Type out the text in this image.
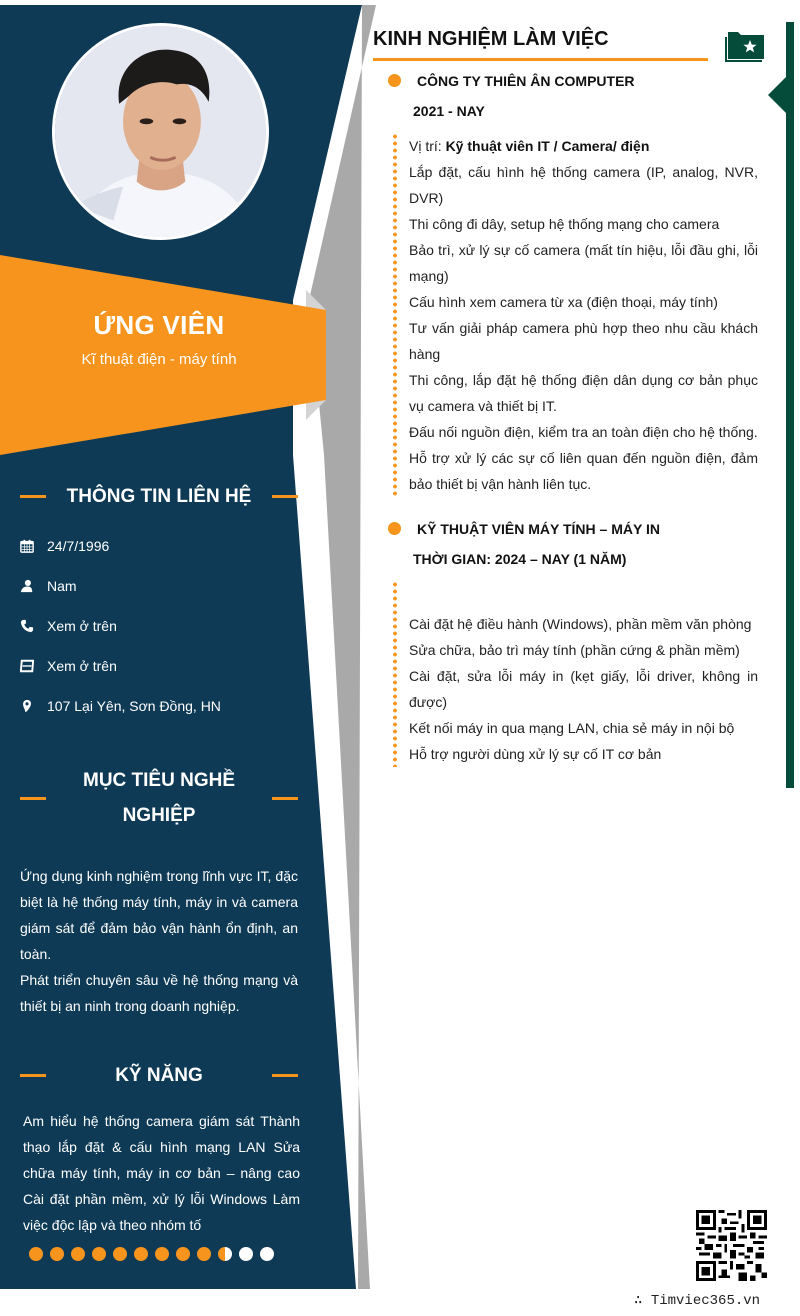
ỨNG VIÊN
Kĩ thuật điện - máy tính
THÔNG TIN LIÊN HỆ
24/7/1996
Nam
Xem ở trên
Xem ở trên
107 Lại Yên, Sơn Đồng, HN
MỤC TIÊU NGHỀ
NGHIỆP
Ứng dụng kinh nghiệm trong lĩnh vực IT, đặc biệt là hệ thống máy tính, máy in và camera giám sát để đảm bảo vận hành ổn định, an toàn.
Phát triển chuyên sâu về hệ thống mạng và thiết bị an ninh trong doanh nghiệp.
KỸ NĂNG
Am hiểu hệ thống camera giám sát Thành thạo lắp đặt & cấu hình mạng LAN Sửa chữa máy tính, máy in cơ bản – nâng cao Cài đặt phần mềm, xử lý lỗi Windows Làm việc độc lập và theo nhóm tố
KINH NGHIỆM LÀM VIỆC
CÔNG TY THIÊN ÂN COMPUTER
2021 - NAY
Vị trí: Kỹ thuật viên IT / Camera/ điện
Lắp đặt, cấu hình hệ thống camera (IP, analog, NVR, DVR)
Thi công đi dây, setup hệ thống mạng cho camera
Bảo trì, xử lý sự cố camera (mất tín hiệu, lỗi đầu ghi, lỗi mạng)
Cấu hình xem camera từ xa (điện thoại, máy tính)
Tư vấn giải pháp camera phù hợp theo nhu cầu khách hàng
Thi công, lắp đặt hệ thống điện dân dụng cơ bản phục vụ camera và thiết bị IT.
Đấu nối nguồn điện, kiểm tra an toàn điện cho hệ thống.
Hỗ trợ xử lý các sự cố liên quan đến nguồn điện, đảm bảo thiết bị vận hành liên tục.
KỸ THUẬT VIÊN MÁY TÍNH – MÁY IN
THỜI GIAN: 2024 – NAY (1 NĂM)
Cài đặt hệ điều hành (Windows), phần mềm văn phòng
Sửa chữa, bảo trì máy tính (phần cứng & phần mềm)
Cài đặt, sửa lỗi máy in (kẹt giấy, lỗi driver, không in được)
Kết nối máy in qua mạng LAN, chia sẻ máy in nội bộ
Hỗ trợ người dùng xử lý sự cố IT cơ bản
∴ Timviec365.vn
